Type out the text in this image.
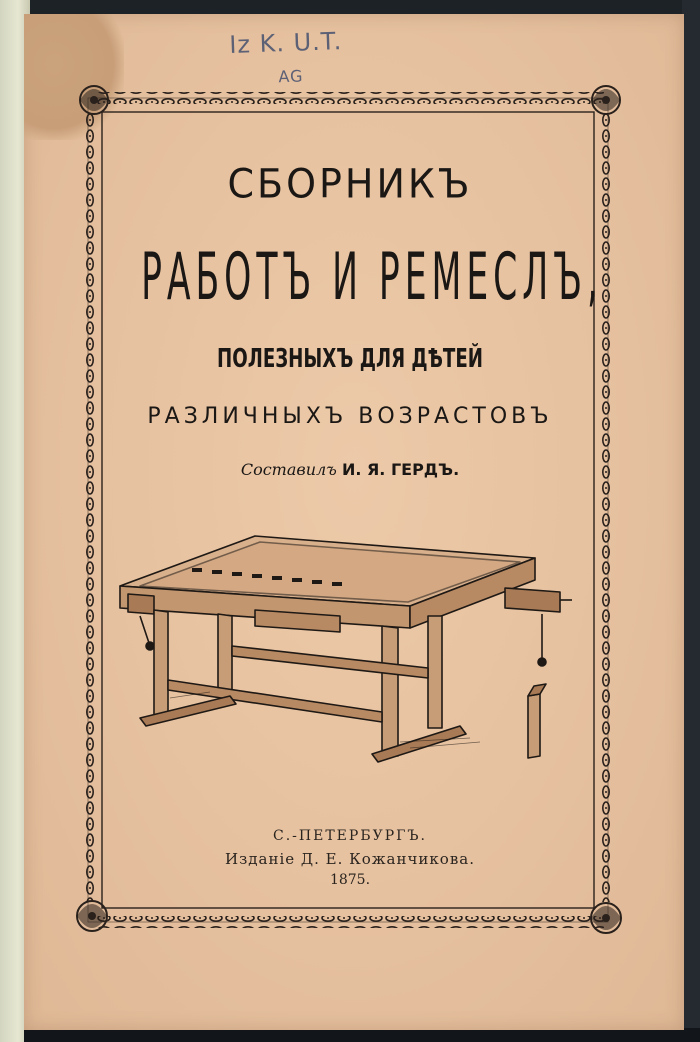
Iz K. U.T.
AG
СБОРНИКЪ
РАБОТЪ И РЕМЕСЛЪ,
ПОЛЕЗНЫХЪ ДЛЯ ДѢТЕЙ
РАЗЛИЧНЫХЪ ВОЗРАСТОВЪ
Составилъ И. Я. ГЕРДЪ.
С.-ПЕТЕРБУРГЪ.
Изданіе Д. Е. Кожанчикова.
1875.
